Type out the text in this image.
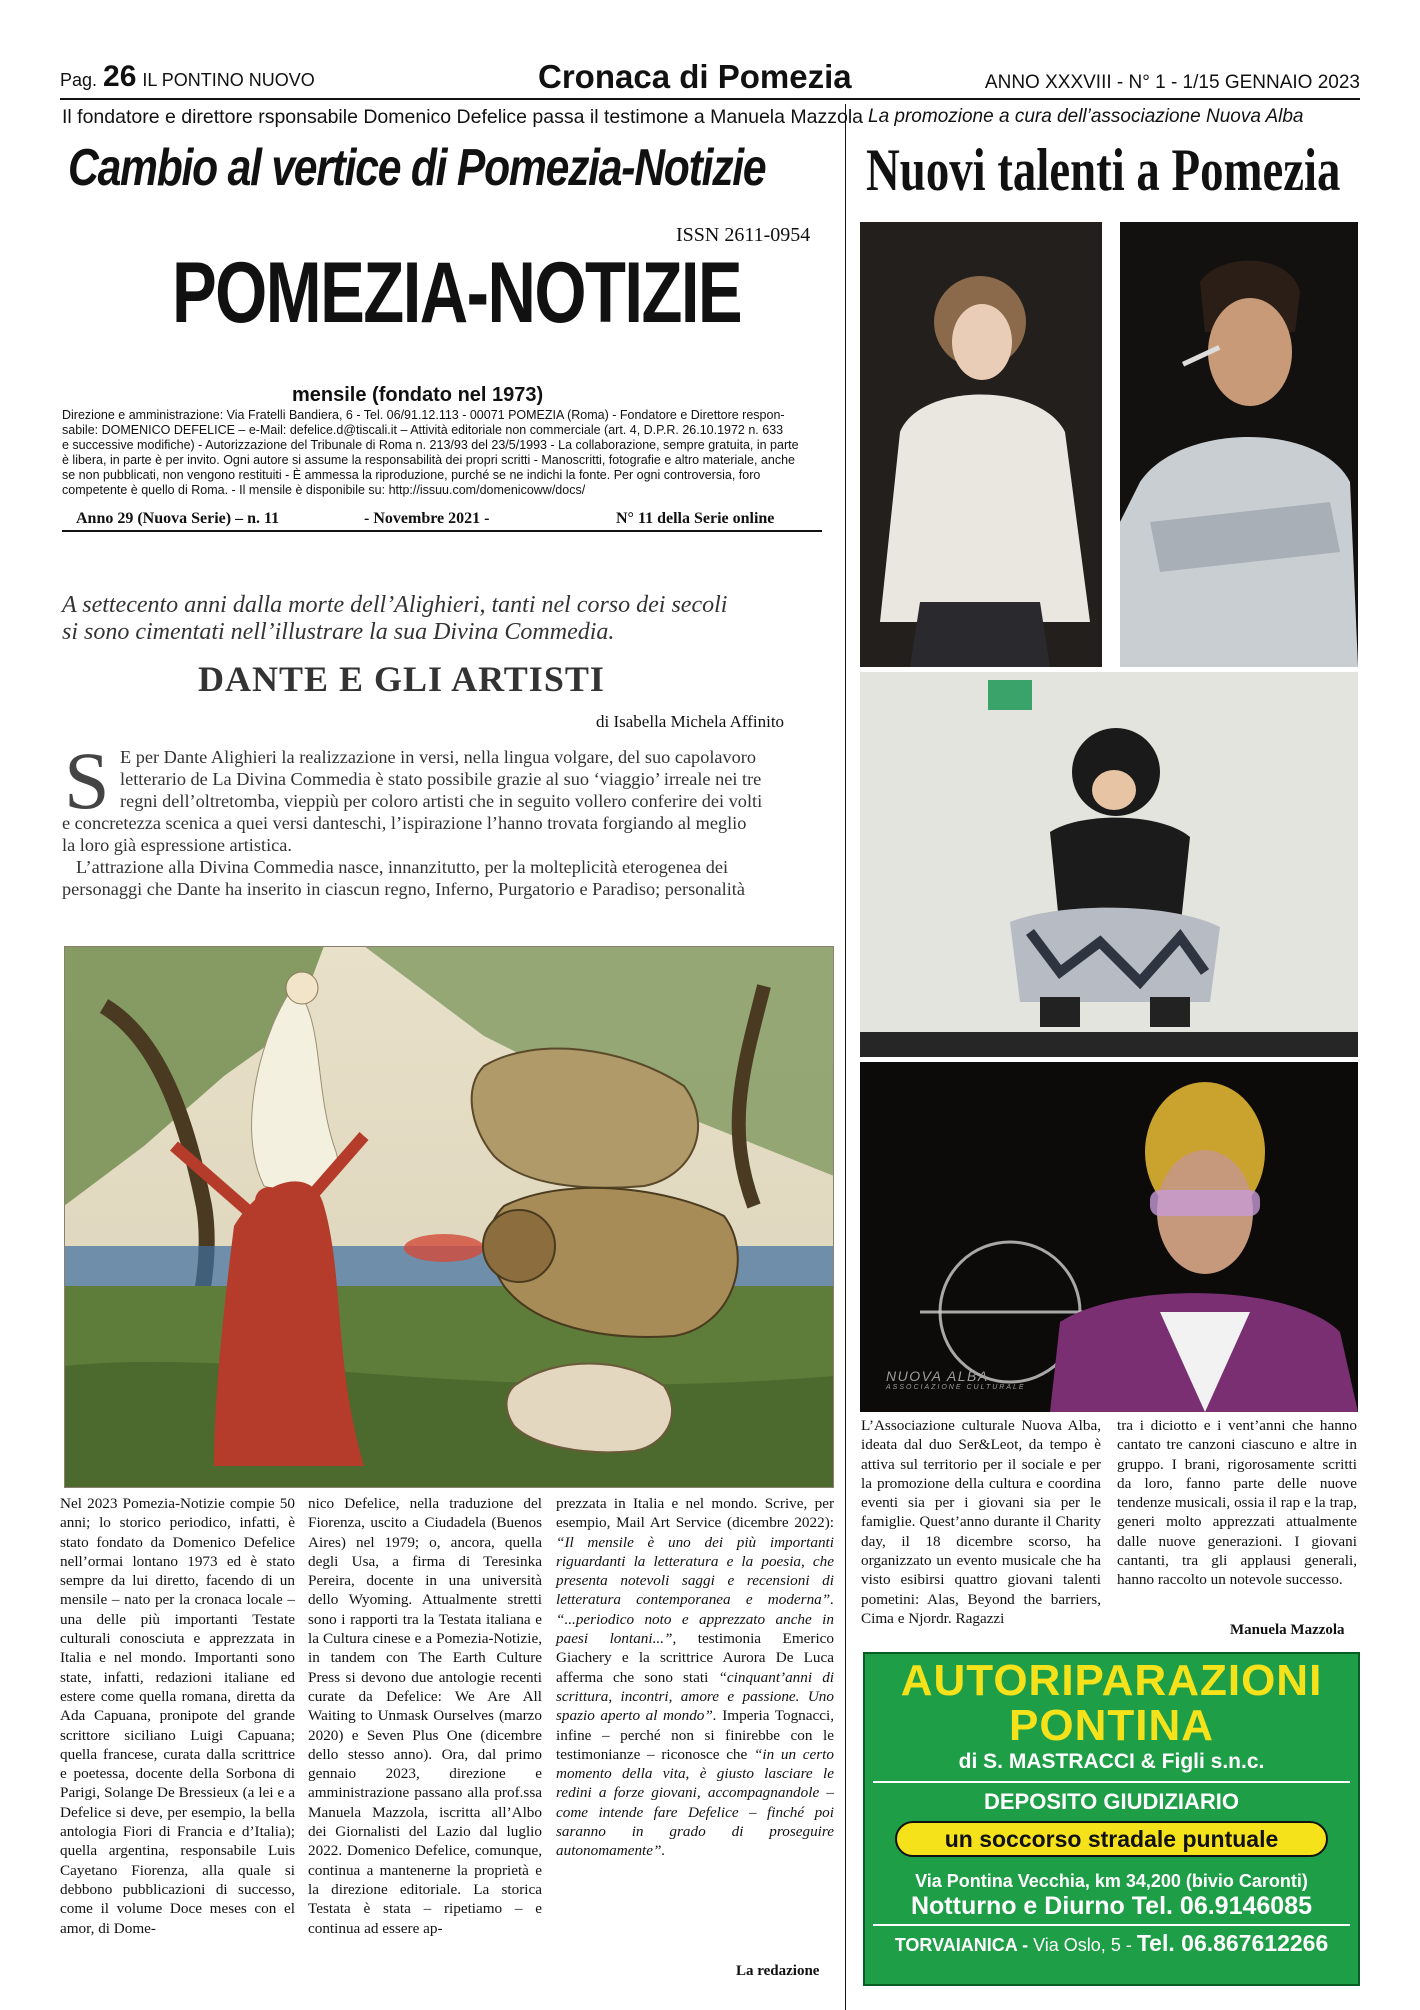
Pag. 26 IL PONTINO NUOVO	Cronaca di Pomezia	ANNO XXXVIII - N° 1 - 1/15 GENNAIO 2023
Il fondatore e direttore rsponsabile Domenico Defelice passa il testimone a Manuela Mazzola
Cambio al vertice di Pomezia-Notizie
ISSN 2611-0954
POMEZIA-NOTIZIE
mensile (fondato nel 1973)
Direzione e amministrazione: Via Fratelli Bandiera, 6 - Tel. 06/91.12.113 - 00071 POMEZIA (Roma) - Fondatore e Direttore respon-
sabile: DOMENICO DEFELICE – e-Mail: defelice.d@tiscali.it – Attività editoriale non commerciale (art. 4, D.P.R. 26.10.1972 n. 633
e successive modifiche) - Autorizzazione del Tribunale di Roma n. 213/93 del 23/5/1993 - La collaborazione, sempre gratuita, in parte
è libera, in parte è per invito. Ogni autore si assume la responsabilità dei propri scritti - Manoscritti, fotografie e altro materiale, anche
se non pubblicati, non vengono restituiti - È ammessa la riproduzione, purché se ne indichi la fonte. Per ogni controversia, foro
competente è quello di Roma. - Il mensile è disponibile su: http://issuu.com/domenicoww/docs/
Anno 29 (Nuova Serie) – n. 11	- Novembre 2021 -	N° 11 della Serie online
A settecento anni dalla morte dell’Alighieri, tanti nel corso dei secoli
si sono cimentati nell’illustrare la sua Divina Commedia.
DANTE E GLI ARTISTI
di Isabella Michela Affinito
S E per Dante Alighieri la realizzazione in versi, nella lingua volgare, del suo capolavoro
letterario de La Divina Commedia è stato possibile grazie al suo ‘viaggio’ irreale nei tre
regni dell’oltretomba, vieppiù per coloro artisti che in seguito vollero conferire dei volti
e concretezza scenica a quei versi danteschi, l’ispirazione l’hanno trovata forgiando al meglio
la loro già espressione artistica.
L’attrazione alla Divina Commedia nasce, innanzitutto, per la molteplicità eterogenea dei
personaggi che Dante ha inserito in ciascun regno, Inferno, Purgatorio e Paradiso; personalità
Nel 2023 Pomezia-Notizie compie 50 anni; lo storico periodico, infatti, è stato fondato da Domenico Defelice nell’ormai lontano 1973 ed è stato sempre da lui diretto, facendo di un mensile – nato per la cronaca locale – una delle più importanti Testate culturali conosciuta e apprezzata in Italia e nel mondo. Importanti sono state, infatti, redazioni italiane ed estere come quella romana, diretta da Ada Capuana, pronipote del grande scrittore siciliano Luigi Capuana; quella francese, curata dalla scrittrice e poetessa, docente della Sorbona di Parigi, Solange De Bressieux (a lei e a Defelice si deve, per esempio, la bella antologia Fiori di Francia e d’Italia); quella argentina, responsabile Luis Cayetano Fiorenza, alla quale si debbono pubblicazioni di successo, come il volume Doce meses con el amor, di Dome-
nico Defelice, nella traduzione del Fiorenza, uscito a Ciudadela (Buenos Aires) nel 1979; o, ancora, quella degli Usa, a firma di Teresinka Pereira, docente in una università dello Wyoming. Attualmente stretti sono i rapporti tra la Testata italiana e la Cultura cinese e a Pomezia-Notizie, in tandem con The Earth Culture Press si devono due antologie recenti curate da Defelice: We Are All Waiting to Unmask Ourselves (marzo 2020) e Seven Plus One (dicembre dello stesso anno). Ora, dal primo gennaio 2023, direzione e amministrazione passano alla prof.ssa Manuela Mazzola, iscritta all’Albo dei Giornalisti del Lazio dal luglio 2022. Domenico Defelice, comunque, continua a mantenerne la proprietà e la direzione editoriale. La storica Testata è stata – ripetiamo – e continua ad essere ap-
prezzata in Italia e nel mondo. Scrive, per esempio, Mail Art Service (dicembre 2022): “Il mensile è uno dei più importanti riguardanti la letteratura e la poesia, che presenta notevoli saggi e recensioni di letteratura contemporanea e moderna”. “...periodico noto e apprezzato anche in paesi lontani...”, testimonia Emerico Giachery e la scrittrice Aurora De Luca afferma che sono stati “cinquant’anni di scrittura, incontri, amore e passione. Uno spazio aperto al mondo”. Imperia Tognacci, infine – perché non si finirebbe con le testimonianze – riconosce che “in un certo momento della vita, è giusto lasciare le redini a forze giovani, accompagnandole – come intende fare Defelice – finché poi saranno in grado di proseguire autonomamente”.
La redazione
La promozione a cura dell’associazione Nuova Alba
Nuovi talenti a Pomezia
NUOVA ALBA
ASSOCIAZIONE CULTURALE
L’Associazione culturale Nuova Alba, ideata dal duo Ser&Leot, da tempo è attiva sul territorio per il sociale e per la promozione della cultura e coordina eventi sia per i giovani sia per le famiglie. Quest’anno durante il Charity day, il 18 dicembre scorso, ha organizzato un evento musicale che ha visto esibirsi quattro giovani talenti pometini: Alas, Beyond the barriers, Cima e Njordr. Ragazzi
tra i diciotto e i vent’anni che hanno cantato tre canzoni ciascuno e altre in gruppo. I brani, rigorosamente scritti da loro, fanno parte delle nuove tendenze musicali, ossia il rap e la trap, generi molto apprezzati attualmente dalle nuove generazioni. I giovani cantanti, tra gli applausi generali, hanno raccolto un notevole successo.
Manuela Mazzola
AUTORIPARAZIONI
PONTINA
di S. MASTRACCI & Figli s.n.c.
DEPOSITO GIUDIZIARIO
un soccorso stradale puntuale
Via Pontina Vecchia, km 34,200 (bivio Caronti)
Notturno e Diurno Tel. 06.9146085
TORVAIANICA - Via Oslo, 5 - Tel. 06.867612266
